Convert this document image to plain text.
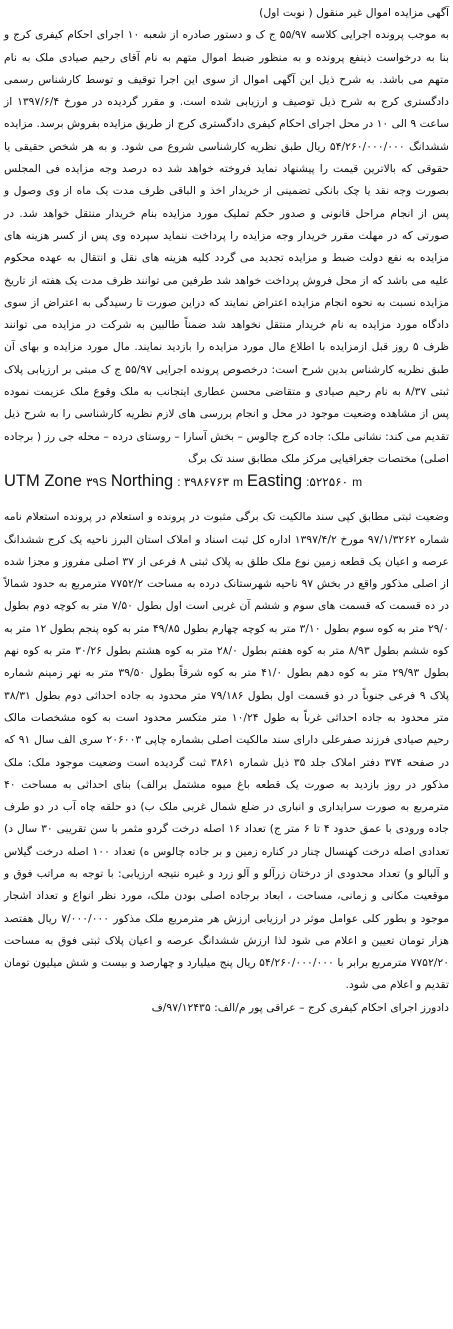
آگهی مزایده اموال غیر منقول ( نوبت اول)
به موجب پرونده اجرایی کلاسه ۵۵/۹۷ ج ک و دستور صادره از شعبه ۱۰ اجرای احکام کیفری کرج و بنا به درخواست ذینفع پرونده و به منظور ضبط اموال متهم به نام آقای رحیم صیادی ملک به نام متهم می باشد. به شرح ذیل این آگهی اموال از سوی این اجرا توقیف و توسط کارشناس رسمی دادگستری کرج به شرح ذیل توصیف و ارزیابی شده است. و مقرر گردیده در مورخ ۱۳۹۷/۶/۴ از ساعت ۹ الی ۱۰ در محل اجرای احکام کیفری دادگستری کرج از طریق مزایده بفروش برسد. مزایده ششدانگ ۵۴/۲۶۰/۰۰۰/۰۰۰ ریال طبق نظریه کارشناسی شروع می شود. و به هر شخص حقیقی یا حقوقی که بالاترین قیمت را پیشنهاد نماید فروخته خواهد شد ده درصد وجه مزایده فی المجلس بصورت وجه نقد یا چک بانکی تضمینی از خریدار اخذ و الباقی ظرف مدت یک ماه از وی وصول و پس از انجام مراحل قانونی و صدور حکم تملیک مورد مزایده بنام خریدار منتقل خواهد شد. در صورتی که در مهلت مقرر خریدار وجه مزایده را پرداخت ننماید سپرده وی پس از کسر هزینه های مزایده به نفع دولت ضبط و مزایده تجدید می گردد کلیه هزینه های نقل و انتقال به عهده محکوم علیه می باشد که از محل فروش پرداخت خواهد شد طرفین می توانند ظرف مدت یک هفته از تاریخ مزایده نسبت به نحوه انجام مزایده اعتراض نمایند که دراین صورت تا رسیدگی به اعتراض از سوی دادگاه مورد مزایده به نام خریدار منتقل نخواهد شد ضمناً طالبین به شرکت در مزایده می توانند ظرف ۵ روز قبل ازمزایده با اطلاع مال مورد مزایده را بازدید نمایند. مال مورد مزایده و بهای آن طبق نظریه کارشناس بدین شرح است: درخصوص پرونده اجرایی ۵۵/۹۷ ج ک مبتی بر ارزیابی پلاک ثبتی ۸/۳۷ به نام رحیم صیادی و متقاضی محسن عطاری ایتجانب به ملک وقوع ملک عزیمت نموده پس از مشاهده وضعیت موجود در محل و انجام بررسی های لازم نظریه کارشناسی را به شرح ذیل تقدیم می کند: نشانی ملک: جاده کرج چالوس – بخش آسارا – روستای درده – محله جی رز ( برجاده اصلی) مختصات جغرافیایی مرکز ملک مطابق سند تک برگ

UTM Zone ۳۹S Northing : ۳۹۸۶۷۶۳ m Easting :۵۲۲۵۶۰ m

وضعیت ثبتی مطابق کپی سند مالکیت تک برگی مثبوت در پرونده و استعلام در پرونده استعلام نامه شماره ۹۷/۱/۳۲۶۲ مورخ ۱۳۹۷/۴/۲ اداره کل ثبت اسناد و املاک استان البرز ناحیه یک کرج ششدانگ عرصه و اعیان یک قطعه زمین نوع ملک طلق به پلاک ثبتی ۸ فرعی از ۳۷ اصلی مفروز و مجزا شده از اصلی مذکور واقع در بخش ۹۷ ناحیه شهرستانک درده به مساحت ۷۷۵۲/۲ مترمربع به حدود شمالاً در ده قسمت که قسمت های سوم و ششم آن غربی است اول بطول ۷/۵۰ متر به کوچه دوم بطول ۲۹/۰ متر به کوه سوم بطول ۳/۱۰ متر به کوچه چهارم بطول ۴۹/۸۵ متر به کوه پنجم بطول ۱۲ متر به کوه ششم بطول ۸/۹۳ متر به کوه هفتم بطول ۲۸/۰ متر به کوه هشتم بطول ۳۰/۲۶ متر به کوه نهم بطول ۲۹/۹۳ متر به کوه دهم بطول ۴۱/۰ متر به کوه شرقاً بطول ۳۹/۵۰ متر به نهر زمینم شماره پلاک ۹ فرعی جنوباً در دو قسمت اول بطول ۷۹/۱۸۶ متر محدود به جاده احداثی دوم بطول ۳۸/۳۱ متر محدود به جاده احداثی غرباً به طول ۱۰/۲۴ متر متکسر محدود است به کوه مشخصات مالک رحیم صیادی فرزند صفرعلی دارای سند مالکیت اصلی بشماره چاپی ۲۰۶۰۰۳ سری الف سال ۹۱ که در صفحه ۳۷۴ دفتر املاک جلد ۳۵ ذیل شماره ۳۸۶۱ ثبت گردیده است وضعیت موجود ملک: ملک مذکور در روز بازدید به صورت یک قطعه باغ میوه مشتمل برالف) بنای احداثی به مساحت ۴۰ مترمربع به صورت سرایداری و انباری در ضلع شمال غربی ملک ب) دو حلقه چاه آب در دو طرف جاده ورودی با عمق حدود ۴ تا ۶ متر ج) تعداد ۱۶ اصله درخت گردو مثمر با سن تقریبی ۳۰ سال د) تعدادی اصله درخت کهنسال چنار در کناره زمین و بر جاده چالوس ه) تعداد ۱۰۰ اصله درخت گیلاس و آلبالو و) تعداد محدودی از درختان زرآلو و آلو زرد و غیره نتیجه ارزیابی: با توجه به مراتب فوق و موقعیت مکانی و زمانی، مساحت ، ابعاد برجاده اصلی بودن ملک، مورد نظر انواع و تعداد اشجار موجود و بطور کلی عوامل موثر در ارزیابی ارزش هر مترمربع ملک مذکور ۷/۰۰۰/۰۰۰ ریال هفتصد هزار تومان تعیین و اعلام می شود لذا ارزش ششدانگ عرصه و اعیان پلاک ثبتی فوق به مساحت ۷۷۵۲/۲۰ مترمربع برابر با ۵۴/۲۶۰/۰۰۰/۰۰۰ ریال پنج میلیارد و چهارصد و بیست و شش میلیون تومان تقدیم و اعلام می شود.

دادورز اجرای احکام کیفری کرج – عراقی پور م/الف: ۹۷/۱۲۴۳۵/ف
